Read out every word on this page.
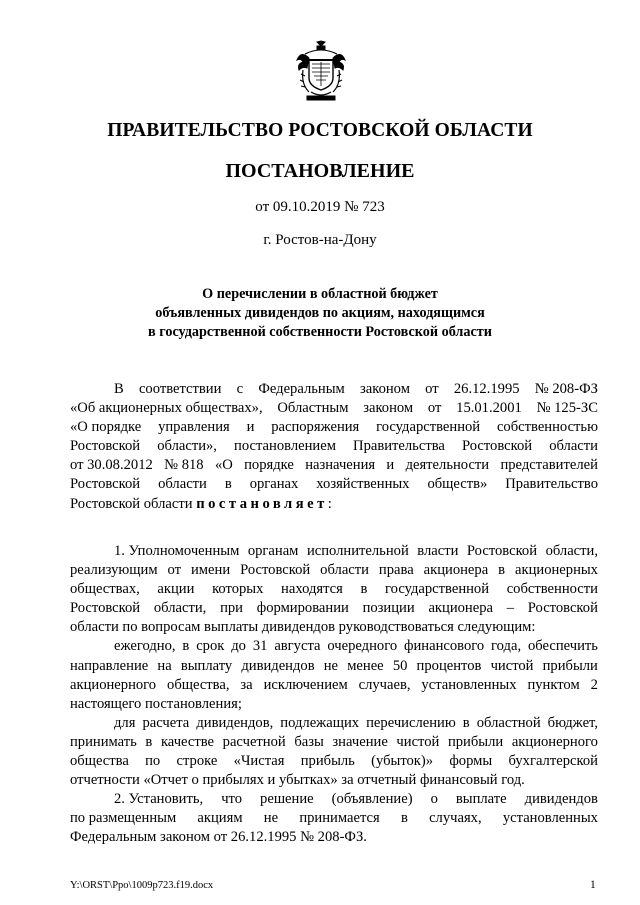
ПРАВИТЕЛЬСТВО РОСТОВСКОЙ ОБЛАСТИ
ПОСТАНОВЛЕНИЕ
от 09.10.2019 № 723
г. Ростов-на-Дону
О перечислении в областной бюджет
объявленных дивидендов по акциям, находящимся
в государственной собственности Ростовской области
В соответствии с Федеральным законом от 26.12.1995 № 208-ФЗ
«Об акционерных обществах», Областным законом от 15.01.2001 № 125-ЗС
«О порядке управления и распоряжения государственной собственностью
Ростовской области», постановлением Правительства Ростовской области
от 30.08.2012 № 818 «О порядке назначения и деятельности представителей
Ростовской области в органах хозяйственных обществ» Правительство
Ростовской области
постановляет :
1. Уполномоченным органам исполнительной власти Ростовской области,
реализующим от имени Ростовской области права акционера в акционерных
обществах, акции которых находятся в государственной собственности
Ростовской области, при формировании позиции акционера – Ростовской
области по вопросам выплаты дивидендов руководствоваться следующим:
ежегодно, в срок до 31 августа очередного финансового года, обеспечить
направление на выплату дивидендов не менее 50 процентов чистой прибыли
акционерного общества, за исключением случаев, установленных пунктом 2
настоящего постановления;
для расчета дивидендов, подлежащих перечислению в областной бюджет,
принимать в качестве расчетной базы значение чистой прибыли акционерного
общества по строке «Чистая прибыль (убыток)» формы бухгалтерской
отчетности «Отчет о прибылях и убытках» за отчетный финансовый год.
2. Установить, что решение (объявление) о выплате дивидендов
по размещенным акциям не принимается в случаях, установленных
Федеральным законом от 26.12.1995 № 208-ФЗ.
Y:\ORST\Ppo\1009p723.f19.docx	1
